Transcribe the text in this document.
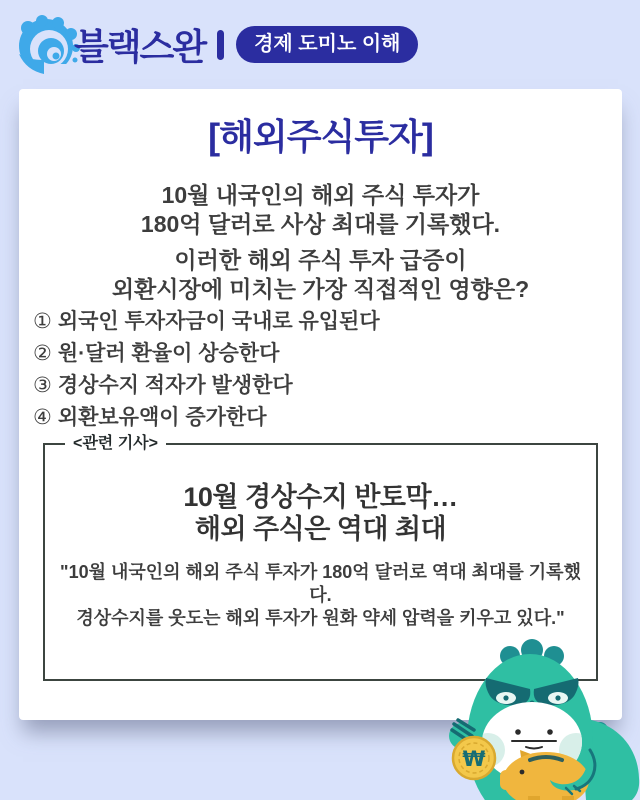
블랙스완	경제 도미노 이해
[해외주식투자]
10월 내국인의 해외 주식 투자가
180억 달러로 사상 최대를 기록했다.
이러한 해외 주식 투자 급증이
외환시장에 미치는 가장 직접적인 영향은?
① 외국인 투자자금이 국내로 유입된다
② 원·달러 환율이 상승한다
③ 경상수지 적자가 발생한다
④ 외환보유액이 증가한다
<관련 기사>
10월 경상수지 반토막…
해외 주식은 역대 최대
"10월 내국인의 해외 주식 투자가 180억 달러로 역대 최대를 기록했다.
경상수지를 웃도는 해외 투자가 원화 약세 압력을 키우고 있다."
₩
